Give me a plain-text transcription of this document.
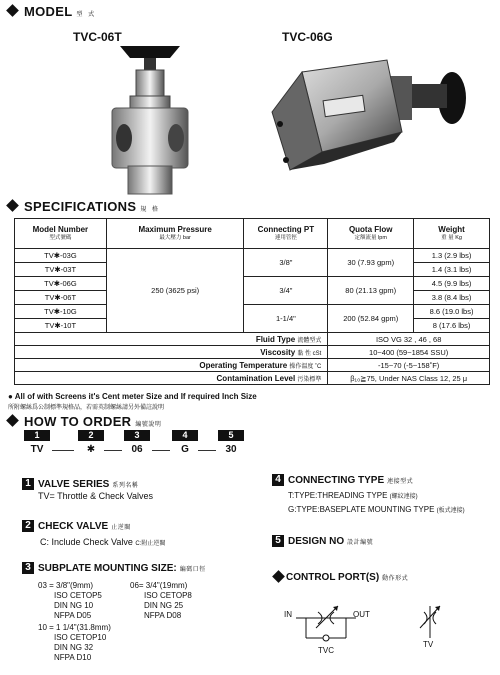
MODEL 型 式
TVC-06T	TVC-06G
SPECIFICATIONS 規 格
Model Number
型式號碼	Maximum Pressure
最大壓力 bar	Connecting PT
連用管徑	Quota Flow
定額流量 lpm	Weight
重 量 Kg

TV✱-03G	250 (3625 psi)	3/8"	30 (7.93 gpm)	1.3 (2.9 lbs)
TV✱-03T				1.4 (3.1 lbs)
TV✱-06G		3/4"	80 (21.13 gpm)	4.5 (9.9 lbs)
TV✱-06T				3.8 (8.4 lbs)
TV✱-10G		1-1/4"	200 (52.84 gpm)	8.6 (19.0 lbs)
TV✱-10T				8 (17.6 lbs)
Fluid Type 流體型式			ISO VG 32 , 46 , 68	
Viscosity 黏 性 cSt			10~400 (59~1854 SSU)	
Operating Temperature 操作溫度 ˚C			-15~70 (-5~158˚F)	
Contamination Level 污染標準			β₁₀≧75, Under NAS Class 12, 25 μ	
● All of with Screens it's Cent meter Size and If required Inch Size
所附螺絲爲公制標準規格品，若需英制螺絲請另外備註說明
HOW TO ORDER 編號說明
1	2	3	4	5
TV	✱	06	G	30
1 VALVE SERIES 系列名稱
TV= Throttle & Check Valves
2 CHECK VALVE 止逆閥
C: Include Check Valve C:附止逆閥
3 SUBPLATE MOUNTING SIZE: 編碼口徑
03 = 3/8"(9mm)
ISO CETOP5
DIN NG 10
NFPA D05
06= 3/4"(19mm)
ISO CETOP8
DIN NG 25
NFPA D08
10 = 1 1/4"(31.8mm)
ISO CETOP10
DIN NG 32
NFPA D10
4 CONNECTING TYPE 連接型式
T:TYPE:THREADING TYPE (螺紋連接)
G:TYPE:BASEPLATE MOUNTING TYPE (板式連接)
5 DESIGN NO 設計編號
CONTROL PORT(S) 動作形式
IN	OUT
TVC
TV
